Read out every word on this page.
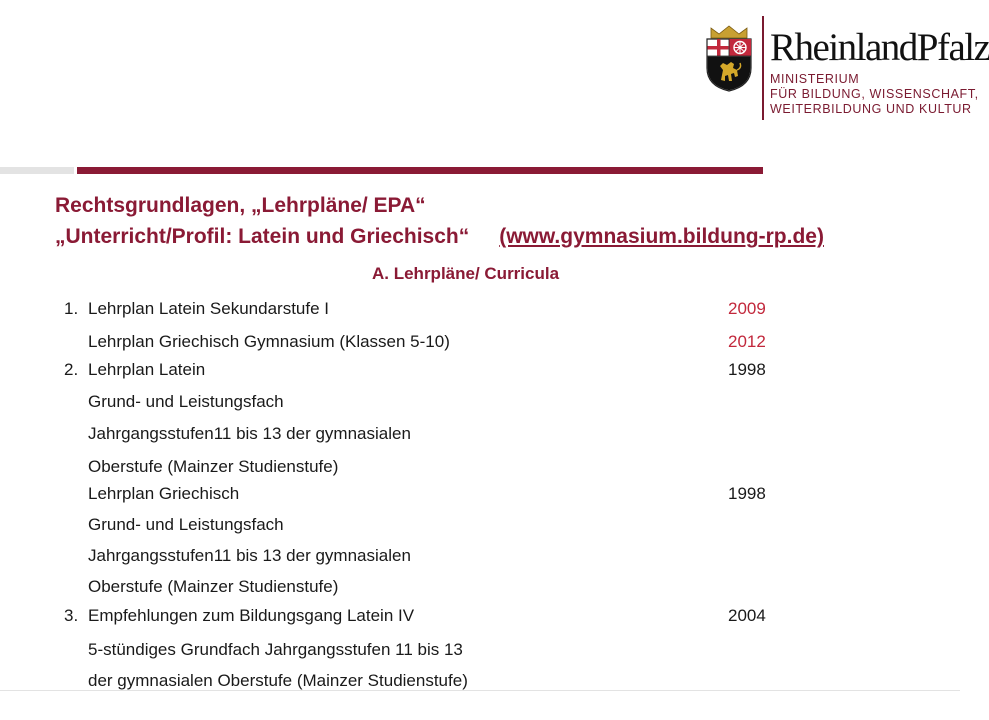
RheinlandPfalz
MINISTERIUM
FÜR BILDUNG, WISSENSCHAFT,
WEITERBILDUNG UND KULTUR
Rechtsgrundlagen, „Lehrpläne/ EPA“
„Unterricht/Profil: Latein und Griechisch“ (www.gymnasium.bildung-rp.de)
A. Lehrpläne/ Curricula
1. Lehrplan Latein Sekundarstufe I	2009
Lehrplan Griechisch Gymnasium (Klassen 5-10)	2012
2. Lehrplan Latein	1998
Grund- und Leistungsfach
Jahrgangsstufen11 bis 13 der gymnasialen
Oberstufe (Mainzer Studienstufe)
Lehrplan Griechisch	1998
Grund- und Leistungsfach
Jahrgangsstufen11 bis 13 der gymnasialen
Oberstufe (Mainzer Studienstufe)
3. Empfehlungen zum Bildungsgang Latein IV	2004
5-stündiges Grundfach Jahrgangsstufen 11 bis 13
der gymnasialen Oberstufe (Mainzer Studienstufe)
